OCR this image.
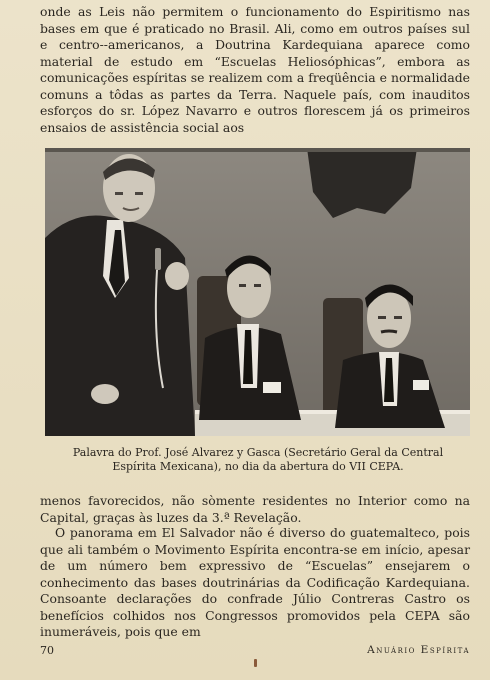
onde as Leis não permitem o funcionamento do Espiritismo nas bases em que é praticado no Brasil. Ali, como em outros países sul e centro--americanos, a Doutrina Kardequiana aparece como material de estudo em “Escuelas Heliosóphicas”, embora as comunicações espíritas se realizem com a freqüência e normalidade comuns a tôdas as partes da Terra. Naquele país, com inauditos esforços do sr. López Navarro e outros florescem já os primeiros ensaios de assistência social aos

Palavra do Prof. José Alvarez y Gasca (Secretário Geral da Central
Espírita Mexicana), no dia da abertura do VII CEPA.

menos favorecidos, não sòmente residentes no Interior como na Capital, graças às luzes da 3.ª Revelação.

O panorama em El Salvador não é diverso do guatemalteco, pois que ali também o Movimento Espírita encontra-se em início, apesar de um número bem expressivo de “Escuelas” ensejarem o conhecimento das bases doutrinárias da Codificação Kardequiana. Consoante declarações do confrade Júlio Contreras Castro os benefícios colhidos nos Congressos promovidos pela CEPA são inumeráveis, pois que em

70	Anuário Espírita
